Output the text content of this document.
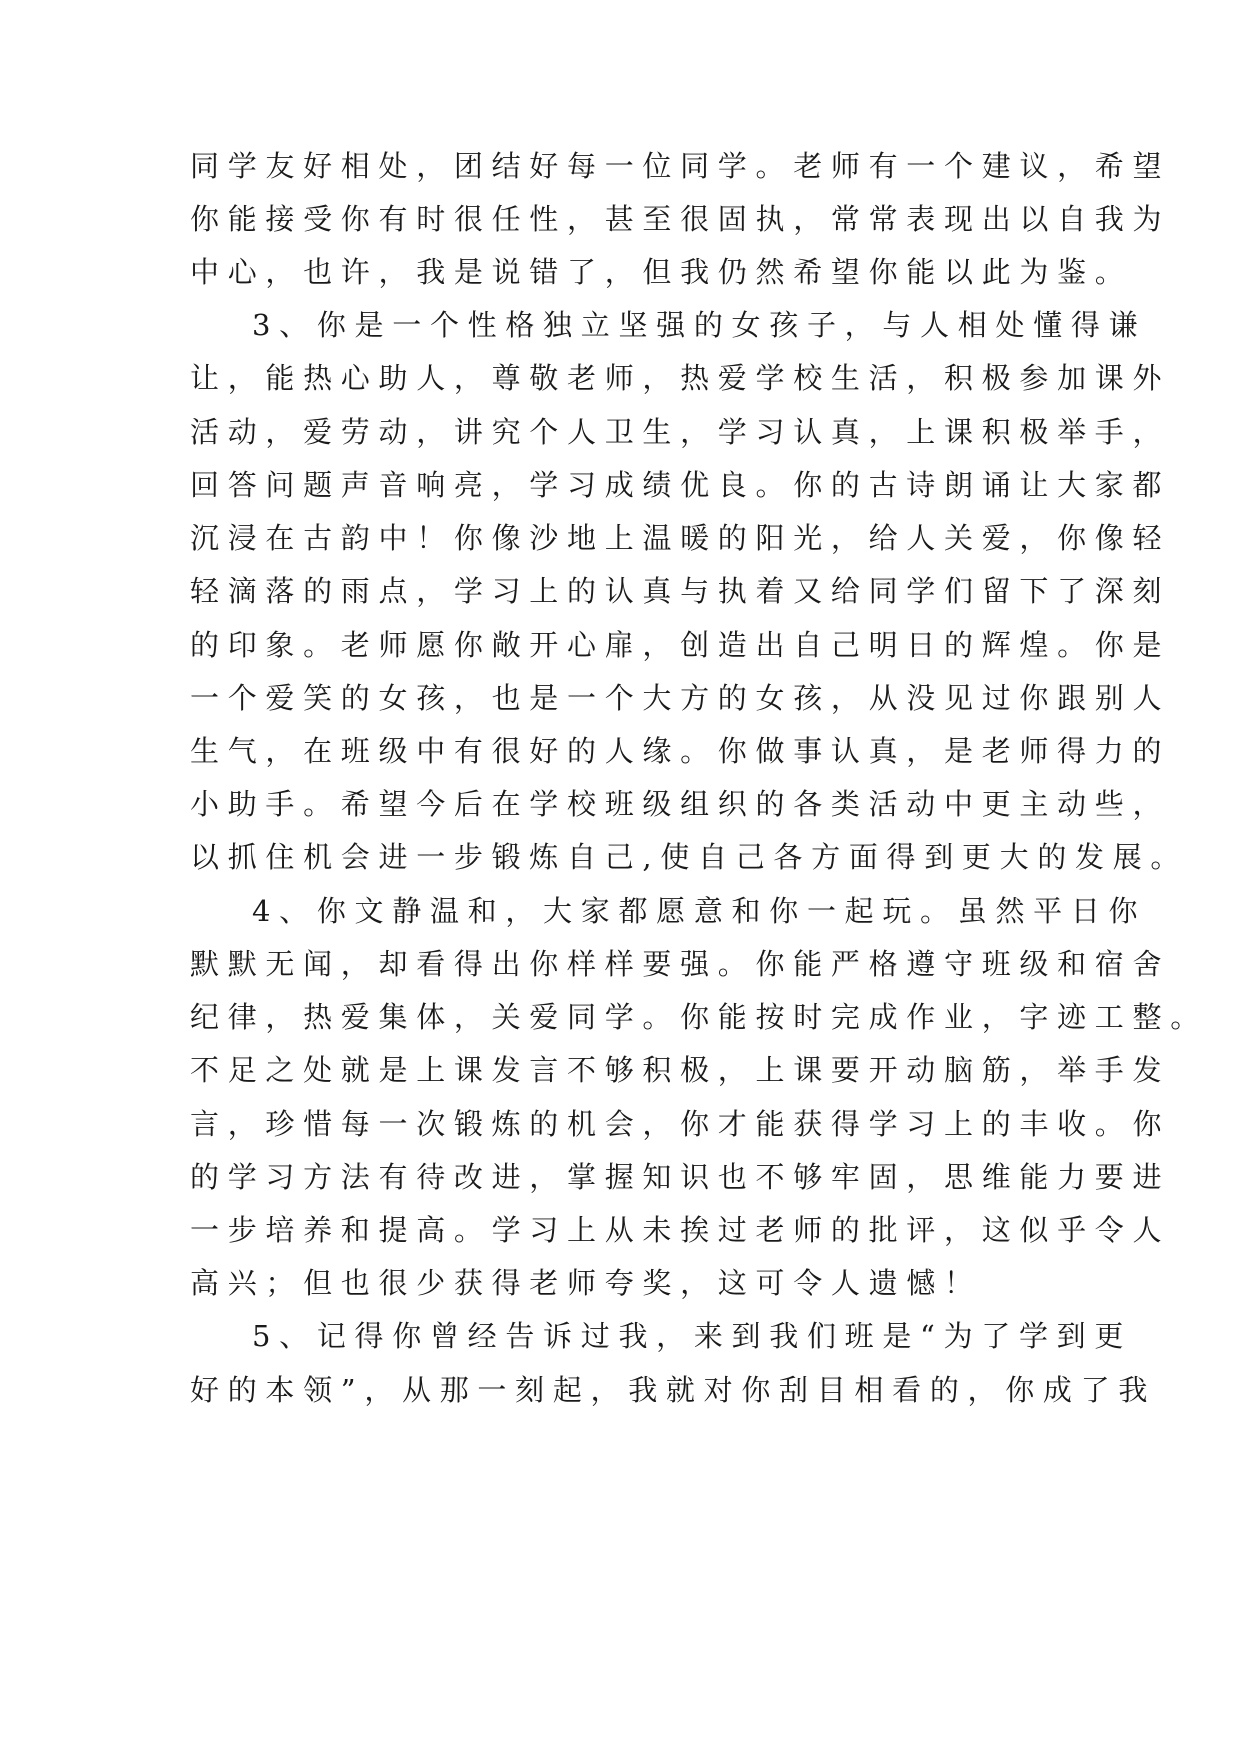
同学友好相处，团结好每一位同学。老师有一个建议，希望
你能接受你有时很任性，甚至很固执，常常表现出以自我为
中心，也许，我是说错了，但我仍然希望你能以此为鉴。
3、你是一个性格独立坚强的女孩子，与人相处懂得谦
让，能热心助人，尊敬老师，热爱学校生活，积极参加课外
活动，爱劳动，讲究个人卫生，学习认真，上课积极举手，
回答问题声音响亮，学习成绩优良。你的古诗朗诵让大家都
沉浸在古韵中！你像沙地上温暖的阳光，给人关爱，你像轻
轻滴落的雨点，学习上的认真与执着又给同学们留下了深刻
的印象。老师愿你敞开心扉，创造出自己明日的辉煌。你是
一个爱笑的女孩，也是一个大方的女孩，从没见过你跟别人
生气，在班级中有很好的人缘。你做事认真，是老师得力的
小助手。希望今后在学校班级组织的各类活动中更主动些，
以抓住机会进一步锻炼自己,使自己各方面得到更大的发展。
4、你文静温和，大家都愿意和你一起玩。虽然平日你
默默无闻，却看得出你样样要强。你能严格遵守班级和宿舍
纪律，热爱集体，关爱同学。你能按时完成作业，字迹工整。
不足之处就是上课发言不够积极，上课要开动脑筋，举手发
言，珍惜每一次锻炼的机会，你才能获得学习上的丰收。你
的学习方法有待改进，掌握知识也不够牢固，思维能力要进
一步培养和提高。学习上从未挨过老师的批评，这似乎令人
高兴；但也很少获得老师夸奖，这可令人遗憾！
5、记得你曾经告诉过我，来到我们班是“为了学到更
好的本领”，从那一刻起，我就对你刮目相看的，你成了我
